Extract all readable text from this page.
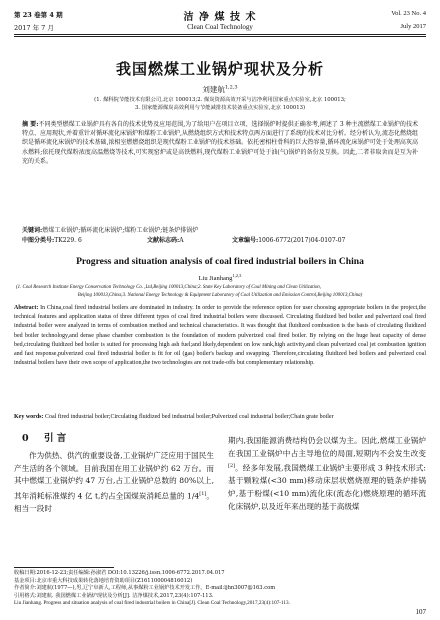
第 23 卷第 4 期	洁 净 煤 技 术	Vol. 23 No. 4
2017 年 7 月	Clean Coal Technology	July 2017
我国燃煤工业锅炉现状及分析
刘建航$^{1,2,3}$
(1. 煤科院节能技术有限公司,北京 100013;2. 煤炭资源高效开采与洁净利用国家重点实验室,北京 100013;
3. 国家能源煤炭高效利用与节能减排技术装备重点实验室,北京 100013)
摘 要:不同类型燃煤工业锅炉具有各自的技术优势及应用范围,为了给用户在项目立项、选择锅炉时提供正确参考,阐述了 3 种主流燃煤工业锅炉的技术特点、应用现状,并着重针对循环流化床锅炉和煤粉工业锅炉,从燃烧组织方式和技术特点两方面进行了系统的技术对比分析。经分析认为,流态化燃烧组织是循环流化床锅炉的技术基础,浓相室燃燃烧组织是现代煤粉工业锅炉的技术基础。依托密相柱骨科的巨大热容量,循环流化床锅炉可处于处理高灰高水燃料;依托现代煤粉浓度高温燃烧等技术,可实现窑炉或是高铁燃料,现代煤粉工业锅炉可处于油(气)锅炉的备份及互换。因此,二者非取舍而是互为补充的关系。
关键词:燃煤工业锅炉;循环流化床锅炉;煤粉工业锅炉;链条炉排锅炉
中图分类号:TK229. 6	文献标志码:A	文章编号:1006-6772(2017)04-0107-07
Progress and situation analysis of coal fired industrial boilers in China
Liu Jianhang$^{1,2,3}$
(1. Coal Research Institute Energy Conservation Technology Co. ,Ltd,Beijing 100013,China;2. State Key Laboratory of Coal Mining and Clean Utilization,
Beijing 100013,China;3. National Energy Technology & Equipment Laboratory of Coal Utilization and Emission Control,Beijing 100013,China)
Abstract: In China,coal fired industrial boilers are dominated in industry. In order to provide the reference option for user choosing appropriate boilers in the project,the technical features and application status of three different types of coal fired industrial boilers were discussed. Circulating fluidized bed boiler and pulverized coal fired industrial boiler were analyzed in terms of combustion method and technical characteristics. It was thought that fluidized combustion is the basis of circulating fluidized bed boiler technology,and dense phase chamber combustion is the foundation of modern pulverized coal fired boiler. By relying on the huge heat capacity of dense bed,circulating fluidized bed boiler is suited for processing high ash fuel;and likely,dependent on low rank,high activity,and clean pulverized coal jet combustion ignition and fast response,pulverized coal fired industrial boiler is fit for oil (gas) boiler's backup and swapping. Therefore,circulating fluidized bed boilers and pulverized coal industrial boilers have their own scope of application,the two technologies are not trade-offs but complementary relationship.
Key words: Coal fired industrial boiler;Circulating fluidized bed industrial boiler;Pulverized coal industrial boiler;Chain grate boiler
0 引 言
作为供热、供汽的重要设备,工业锅炉广泛应用于国民生产生活的各个领域。目前我国在用工业锅炉约 62 万台。而其中燃煤工业锅炉约 47 万台,占工业锅炉总数的 80%以上,其年消耗标准煤约 4 亿 t,约占全国煤炭消耗总量的 1/4[1]。相当一段时
期内,我国能源消费结构仍会以煤为主。因此,燃煤工业锅炉在我国工业锅炉中占主导地位的局面,短期内不会发生改变[2]。经多年发展,我国燃煤工业锅炉主要形成 3 种技术形式:基于颗粒煤(<30 mm)移动床层状燃烧原理的链条炉排锅炉,基于粉煤(<10 mm)流化床(流态化)燃烧原理的循环流化床锅炉,以及近年来出现的基于高级煤
收稿日期:2016-12-23;责任编辑:孙淑君 DOI:10.13226/j.issn.1006-6772.2017.04.017
基金项目:北京市重大科技成果转化落地培育资助项目(Z161100004816012)
作者简介:刘建航(1977—),男,辽宁阜新人,工程师,从事煤粉工业锅炉技术开发工作。E-mail:ljhn3007@163.com
引用格式:刘建航. 我国燃煤工业锅炉现状及分析[J]. 洁净煤技术,2017,23(4):107-113.
Liu Jianhang. Progress and situation analysis of coal fired industrial boilers in China[J]. Clean Coal Technology,2017,23(4):107-113.
107
